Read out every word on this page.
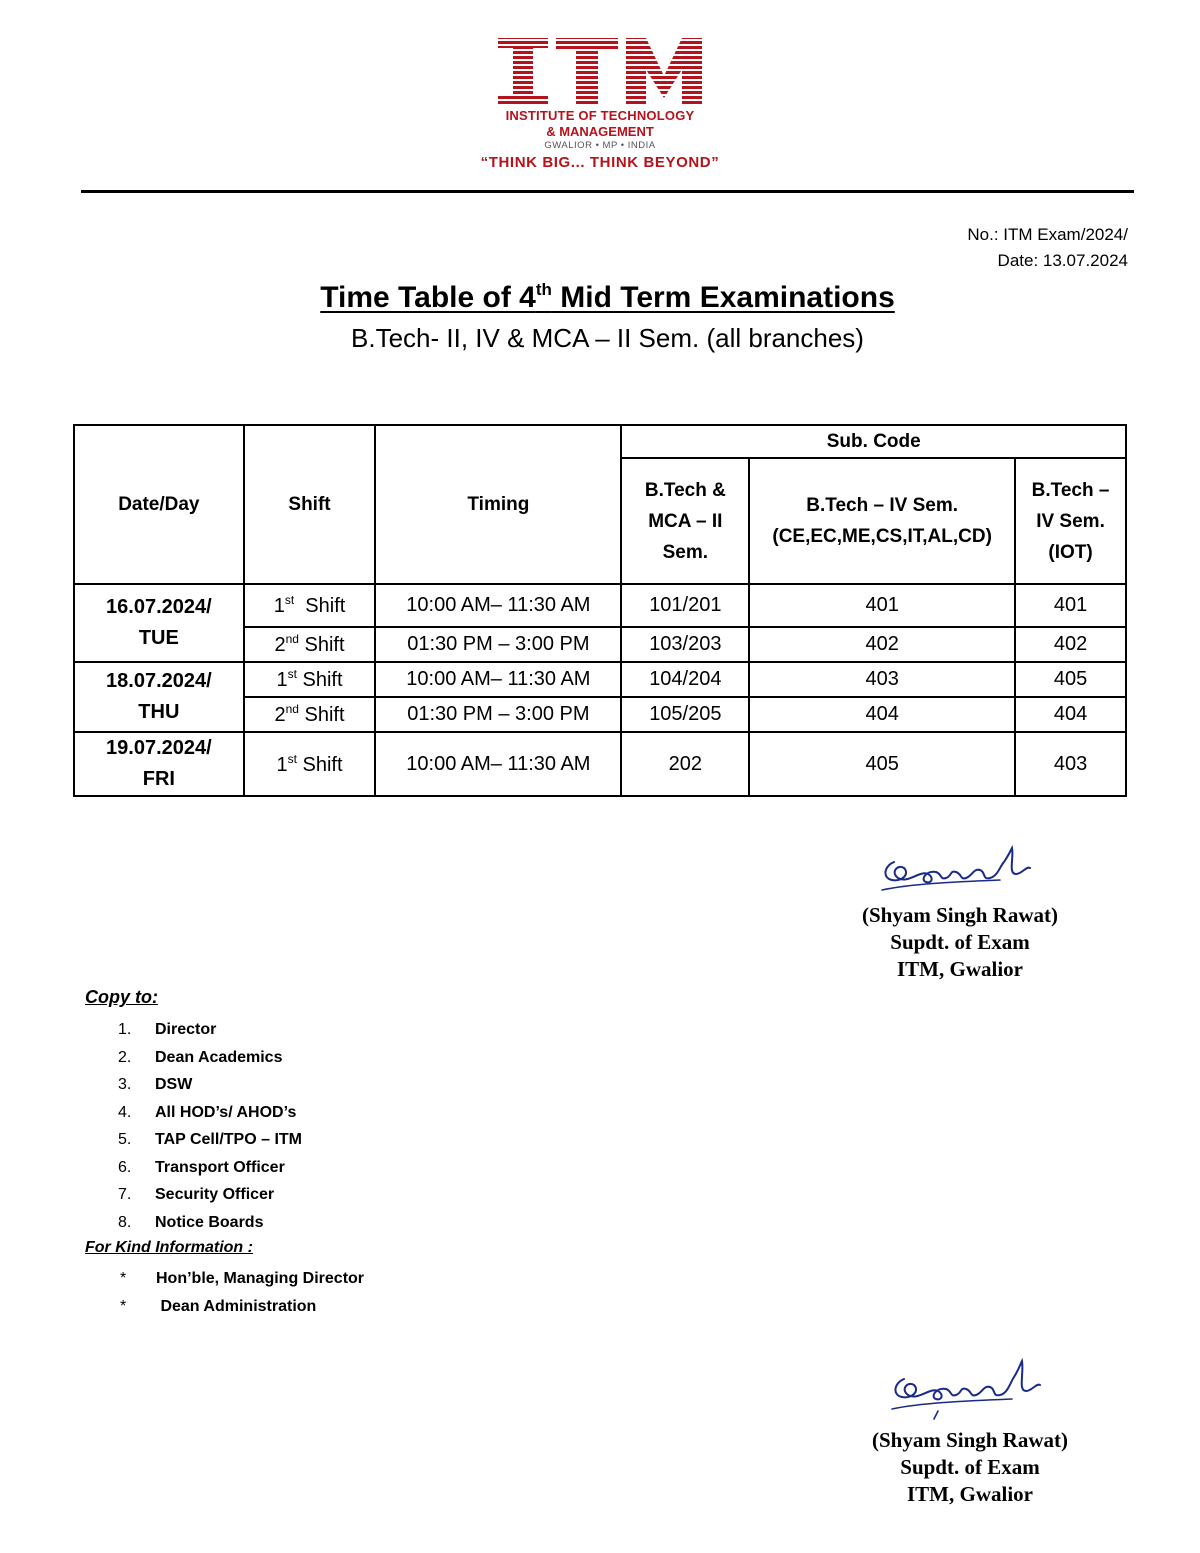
INSTITUTE OF TECHNOLOGY
& MANAGEMENT
GWALIOR • MP • INDIA
“THINK BIG... THINK BEYOND”
No.: ITM Exam/2024/
Date: 13.07.2024
Time Table of 4th Mid Term Examinations
B.Tech- II, IV & MCA – II Sem. (all branches)
Date/Day	Shift	Timing	Sub. Code		
			B.Tech & MCA – II Sem.	B.Tech – IV Sem. (CE,EC,ME,CS,IT,AL,CD)	B.Tech – IV Sem. (IOT)

16.07.2024/
TUE	1st Shift	10:00 AM– 11:30 AM	101/201	401	401
	2nd Shift	01:30 PM – 3:00 PM	103/203	402	402

18.07.2024/
THU	1st Shift	10:00 AM– 11:30 AM	104/204	403	405
	2nd Shift	01:30 PM – 3:00 PM	105/205	404	404

19.07.2024/
FRI	1st Shift	10:00 AM– 11:30 AM	202	405	403
(Shyam Singh Rawat)
Supdt. of Exam
ITM, Gwalior
Copy to:
1. Director
2. Dean Academics
3. DSW
4. All HOD’s/ AHOD’s
5. TAP Cell/TPO – ITM
6. Transport Officer
7. Security Officer
8. Notice Boards
For Kind Information :
* Hon’ble, Managing Director
* Dean Administration
(Shyam Singh Rawat)
Supdt. of Exam
ITM, Gwalior
